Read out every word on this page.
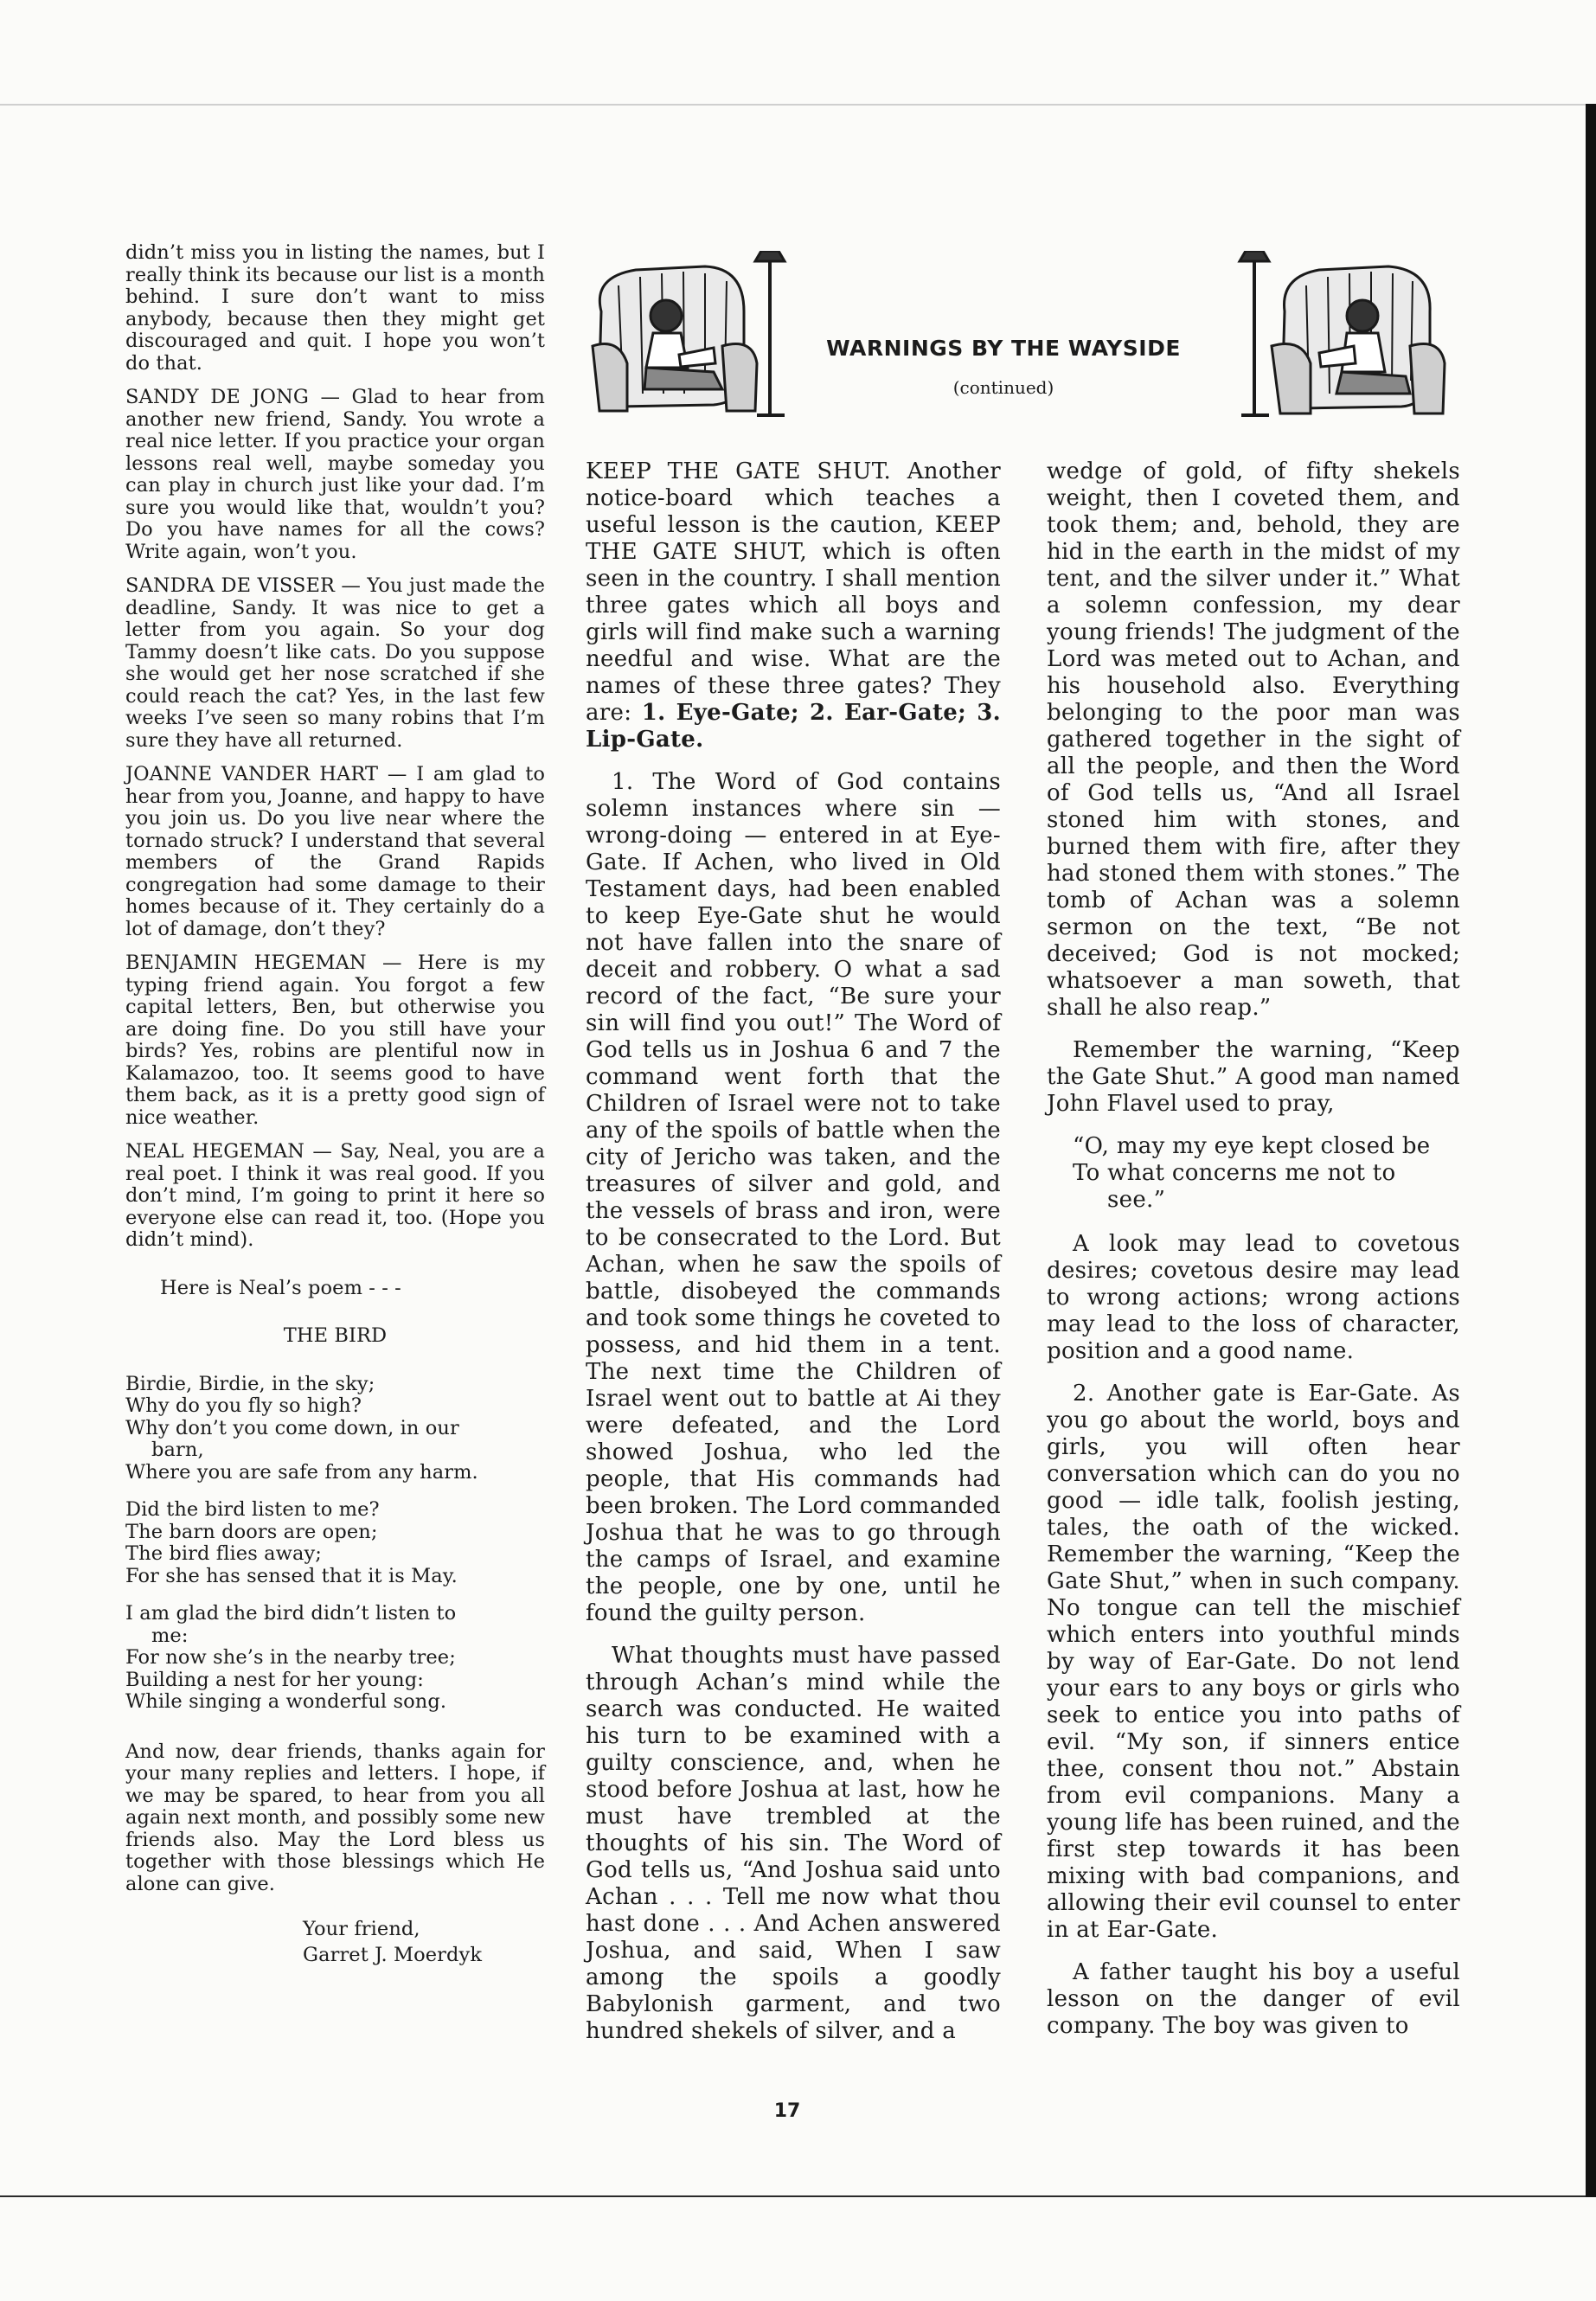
didn’t miss you in listing the names, but I really think its because our list is a month behind. I sure don’t want to miss anybody, because then they might get discouraged and quit. I hope you won’t do that.

SANDY DE JONG — Glad to hear from another new friend, Sandy. You wrote a real nice letter. If you practice your organ lessons real well, maybe someday you can play in church just like your dad. I’m sure you would like that, wouldn’t you? Do you have names for all the cows? Write again, won’t you.

SANDRA DE VISSER — You just made the deadline, Sandy. It was nice to get a letter from you again. So your dog Tammy doesn’t like cats. Do you suppose she would get her nose scratched if she could reach the cat? Yes, in the last few weeks I’ve seen so many robins that I’m sure they have all returned.

JOANNE VANDER HART — I am glad to hear from you, Joanne, and happy to have you join us. Do you live near where the tornado struck? I understand that several members of the Grand Rapids congregation had some damage to their homes because of it. They certainly do a lot of damage, don’t they?

BENJAMIN HEGEMAN — Here is my typing friend again. You forgot a few capital letters, Ben, but otherwise you are doing fine. Do you still have your birds? Yes, robins are plentiful now in Kalamazoo, too. It seems good to have them back, as it is a pretty good sign of nice weather.

NEAL HEGEMAN — Say, Neal, you are a real poet. I think it was real good. If you don’t mind, I’m going to print it here so everyone else can read it, too. (Hope you didn’t mind).

Here is Neal’s poem - - -

THE BIRD

Birdie, Birdie, in the sky;
Why do you fly so high?
Why don’t you come down, in our
barn,
Where you are safe from any harm.
Did the bird listen to me?
The barn doors are open;
The bird flies away;
For she has sensed that it is May.
I am glad the bird didn’t listen to
me:
For now she’s in the nearby tree;
Building a nest for her young:
While singing a wonderful song.

And now, dear friends, thanks again for your many replies and letters. I hope, if we may be spared, to hear from you all again next month, and possibly some new friends also. May the Lord bless us together with those blessings which He alone can give.

Your friend,
Garret J. Moerdyk
WARNINGS BY THE WAYSIDE
(continued)

KEEP THE GATE SHUT. Another notice-board which teaches a useful lesson is the caution, KEEP THE GATE SHUT, which is often seen in the country. I shall mention three gates which all boys and girls will find make such a warning needful and wise. What are the names of these three gates? They are: 1. Eye-Gate; 2. Ear-Gate; 3. Lip-Gate.

1. The Word of God contains solemn instances where sin — wrong-doing — entered in at Eye-Gate. If Achen, who lived in Old Testament days, had been enabled to keep Eye-Gate shut he would not have fallen into the snare of deceit and robbery. O what a sad record of the fact, “Be sure your sin will find you out!” The Word of God tells us in Joshua 6 and 7 the command went forth that the Children of Israel were not to take any of the spoils of battle when the city of Jericho was taken, and the treasures of silver and gold, and the vessels of brass and iron, were to be consecrated to the Lord. But Achan, when he saw the spoils of battle, disobeyed the commands and took some things he coveted to possess, and hid them in a tent. The next time the Children of Israel went out to battle at Ai they were defeated, and the Lord showed Joshua, who led the people, that His commands had been broken. The Lord commanded Joshua that he was to go through the camps of Israel, and examine the people, one by one, until he found the guilty person.

What thoughts must have passed through Achan’s mind while the search was conducted. He waited his turn to be examined with a guilty conscience, and, when he stood before Joshua at last, how he must have trembled at the thoughts of his sin. The Word of God tells us, “And Joshua said unto Achan . . . Tell me now what thou hast done . . . And Achen answered Joshua, and said, When I saw among the spoils a goodly Babylonish garment, and two hundred shekels of silver, and a

wedge of gold, of fifty shekels weight, then I coveted them, and took them; and, behold, they are hid in the earth in the midst of my tent, and the silver under it.” What a solemn confession, my dear young friends! The judgment of the Lord was meted out to Achan, and his household also. Everything belonging to the poor man was gathered together in the sight of all the people, and then the Word of God tells us, “And all Israel stoned him with stones, and burned them with fire, after they had stoned them with stones.” The tomb of Achan was a solemn sermon on the text, “Be not deceived; God is not mocked; whatsoever a man soweth, that shall he also reap.”

Remember the warning, “Keep the Gate Shut.” A good man named John Flavel used to pray,

“O, may my eye kept closed be
To what concerns me not to
see.”

A look may lead to covetous desires; covetous desire may lead to wrong actions; wrong actions may lead to the loss of character, position and a good name.

2. Another gate is Ear-Gate. As you go about the world, boys and girls, you will often hear conversation which can do you no good — idle talk, foolish jesting, tales, the oath of the wicked. Remember the warning, “Keep the Gate Shut,” when in such company. No tongue can tell the mischief which enters into youthful minds by way of Ear-Gate. Do not lend your ears to any boys or girls who seek to entice you into paths of evil. “My son, if sinners entice thee, consent thou not.” Abstain from evil companions. Many a young life has been ruined, and the first step towards it has been mixing with bad companions, and allowing their evil counsel to enter in at Ear-Gate.

A father taught his boy a useful lesson on the danger of evil company. The boy was given to

17
